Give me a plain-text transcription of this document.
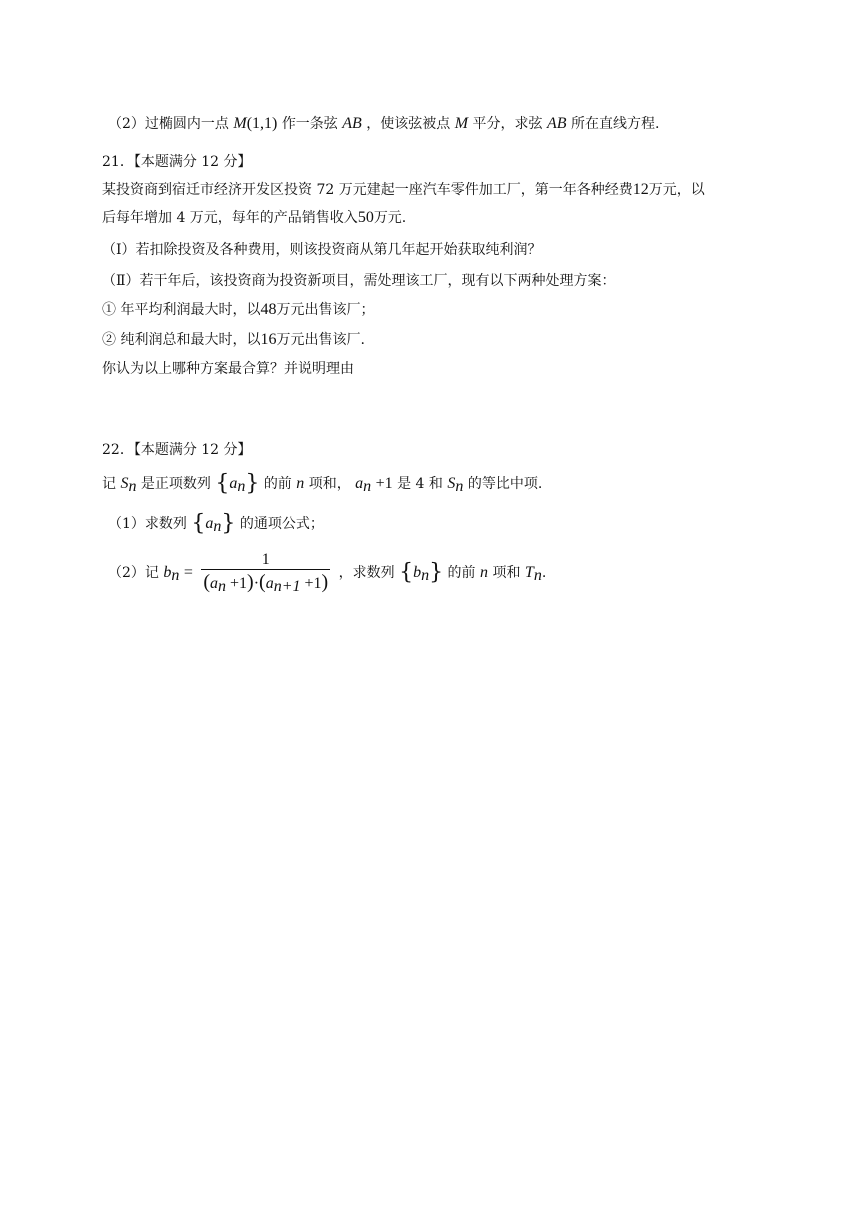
（2）过椭圆内一点 M(1,1) 作一条弦 AB ，使该弦被点 M 平分，求弦 AB 所在直线方程.
21．【本题满分 12 分】
某投资商到宿迁市经济开发区投资 72 万元建起一座汽车零件加工厂，第一年各种经费12万元，以
后每年增加 4 万元，每年的产品销售收入50万元.
（Ⅰ）若扣除投资及各种费用，则该投资商从第几年起开始获取纯利润？
（Ⅱ）若干年后，该投资商为投资新项目，需处理该工厂，现有以下两种处理方案：
① 年平均利润最大时，以48万元出售该厂；
② 纯利润总和最大时，以16万元出售该厂.
你认为以上哪种方案最合算？并说明理由
22．【本题满分 12 分】
记 $S_n$ 是正项数列 $\{a_n\}$ 的前 n 项和， $a_n +1$ 是 4 和 $S_n$ 的等比中项.
（1）求数列 $\{a_n\}$ 的通项公式；
（2）记 $b_n = \frac{1}{(a_n +1)\cdot(a_{n+1} +1)}$ ，求数列 $\{b_n\}$ 的前 n 项和 $T_n$.
